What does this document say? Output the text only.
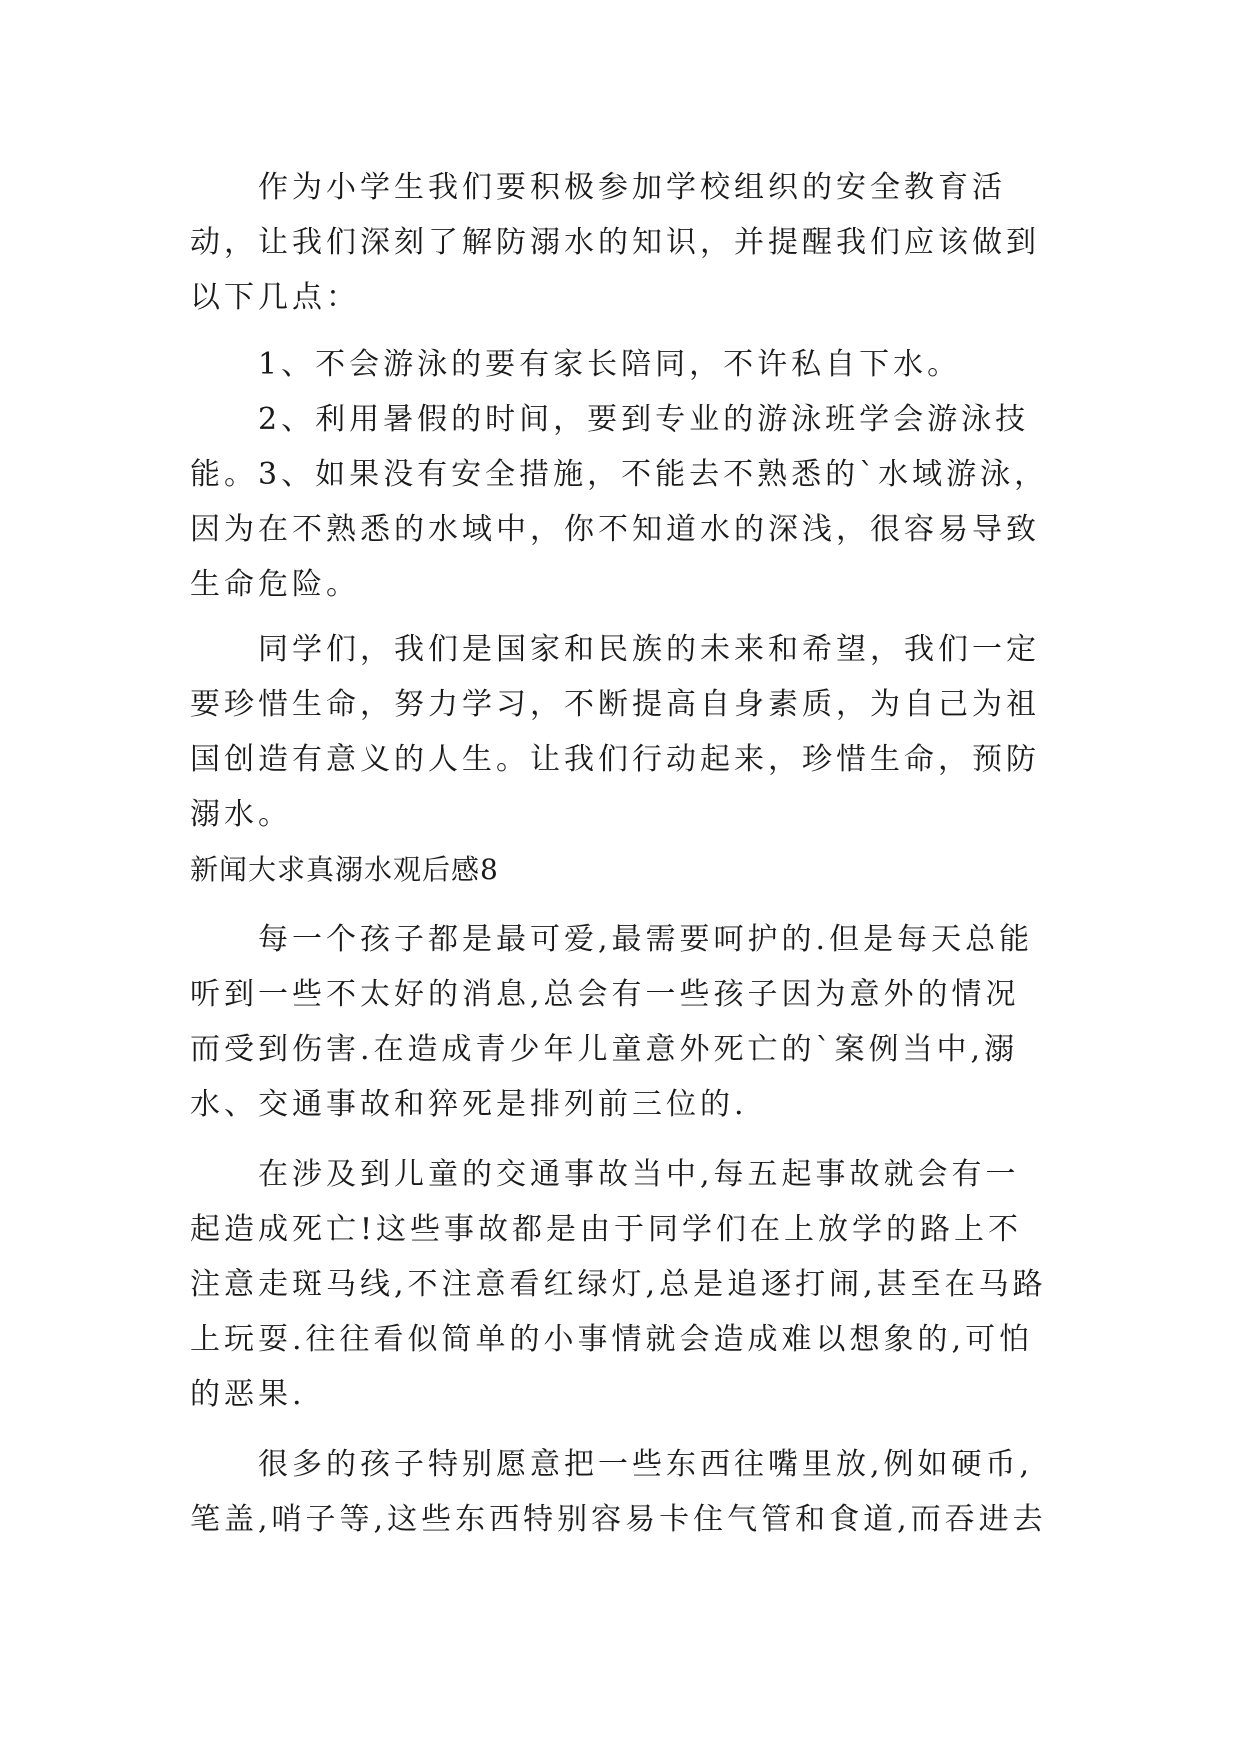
作为小学生我们要积极参加学校组织的安全教育活动，让我们深刻了解防溺水的知识，并提醒我们应该做到以下几点：

1、不会游泳的要有家长陪同，不许私自下水。

2、利用暑假的时间，要到专业的游泳班学会游泳技能。 3、如果没有安全措施，不能去不熟悉的`水域游泳，因为在不熟悉的水域中，你不知道水的深浅，很容易导致生命危险。

同学们，我们是国家和民族的未来和希望，我们一定要珍惜生命，努力学习，不断提高自身素质，为自己为祖国创造有意义的人生。让我们行动起来，珍惜生命，预防溺水。

新闻大求真溺水观后感8

每一个孩子都是最可爱,最需要呵护的.但是每天总能听到一些不太好的消息,总会有一些孩子因为意外的情况而受到伤害.在造成青少年儿童意外死亡的`案例当中,溺水、交通事故和猝死是排列前三位的.

在涉及到儿童的交通事故当中,每五起事故就会有一起造成死亡!这些事故都是由于同学们在上放学的路上不注意走斑马线,不注意看红绿灯,总是追逐打闹,甚至在马路上玩耍.往往看似简单的小事情就会造成难以想象的,可怕的恶果.

很多的孩子特别愿意把一些东西往嘴里放,例如硬币,笔盖,哨子等,这些东西特别容易卡住气管和食道,而吞进去
